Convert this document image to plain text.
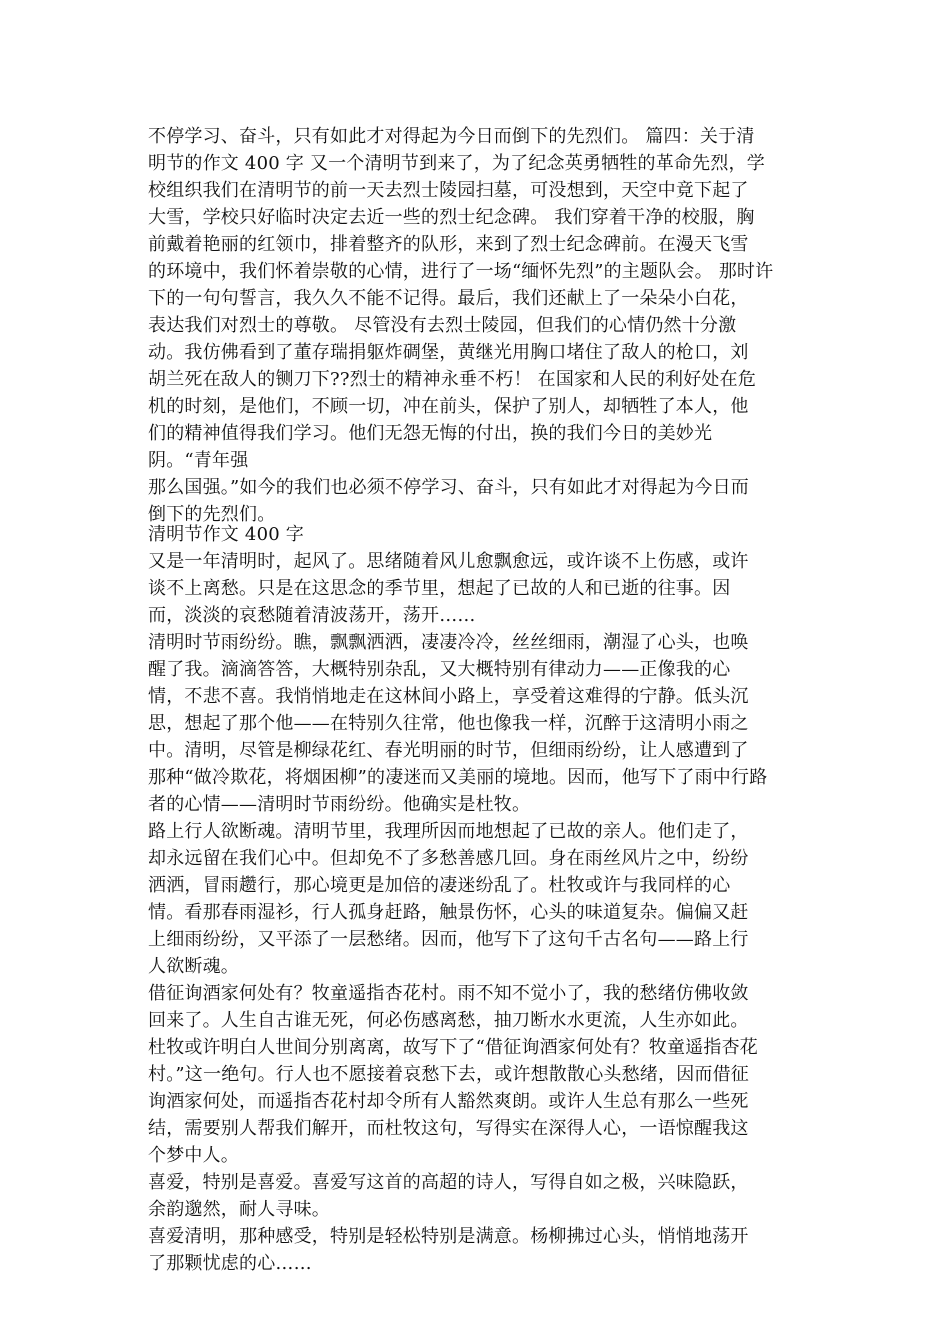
不停学习、奋斗，只有如此才对得起为今日而倒下的先烈们。 篇四：关于清
明节的作文 400 字 又一个清明节到来了，为了纪念英勇牺牲的革命先烈，学
校组织我们在清明节的前一天去烈士陵园扫墓，可没想到，天空中竟下起了
大雪，学校只好临时决定去近一些的烈士纪念碑。 我们穿着干净的校服，胸
前戴着艳丽的红领巾，排着整齐的队形，来到了烈士纪念碑前。在漫天飞雪
的环境中，我们怀着崇敬的心情，进行了一场“缅怀先烈”的主题队会。 那时许
下的一句句誓言，我久久不能不记得。最后，我们还献上了一朵朵小白花，
表达我们对烈士的尊敬。 尽管没有去烈士陵园，但我们的心情仍然十分激
动。我仿佛看到了董存瑞捐躯炸碉堡，黄继光用胸口堵住了敌人的枪口，刘
胡兰死在敌人的铡刀下??烈士的精神永垂不朽！ 在国家和人民的利好处在危
机的时刻，是他们，不顾一切，冲在前头，保护了别人，却牺牲了本人，他
们的精神值得我们学习。他们无怨无悔的付出，换的我们今日的美妙光
阴。“青年强
那么国强。”如今的我们也必须不停学习、奋斗，只有如此才对得起为今日而
倒下的先烈们。
清明节作文 400 字
又是一年清明时，起风了。思绪随着风儿愈飘愈远，或许谈不上伤感，或许
谈不上离愁。只是在这思念的季节里，想起了已故的人和已逝的往事。因
而，淡淡的哀愁随着清波荡开，荡开……
清明时节雨纷纷。瞧，飘飘洒洒，凄凄冷冷，丝丝细雨，潮湿了心头，也唤
醒了我。滴滴答答，大概特别杂乱，又大概特别有律动力——正像我的心
情，不悲不喜。我悄悄地走在这林间小路上，享受着这难得的宁静。低头沉
思，想起了那个他——在特别久往常，他也像我一样，沉醉于这清明小雨之
中。清明，尽管是柳绿花红、春光明丽的时节，但细雨纷纷，让人感遭到了
那种“做冷欺花，将烟困柳”的凄迷而又美丽的境地。因而，他写下了雨中行路
者的心情——清明时节雨纷纷。他确实是杜牧。
路上行人欲断魂。清明节里，我理所因而地想起了已故的亲人。他们走了，
却永远留在我们心中。但却免不了多愁善感几回。身在雨丝风片之中，纷纷
洒洒，冒雨趱行，那心境更是加倍的凄迷纷乱了。杜牧或许与我同样的心
情。看那春雨湿衫，行人孤身赶路，触景伤怀，心头的味道复杂。偏偏又赶
上细雨纷纷，又平添了一层愁绪。因而，他写下了这句千古名句——路上行
人欲断魂。
借征询酒家何处有？牧童遥指杏花村。雨不知不觉小了，我的愁绪仿佛收敛
回来了。人生自古谁无死，何必伤感离愁，抽刀断水水更流，人生亦如此。
杜牧或许明白人世间分别离离，故写下了“借征询酒家何处有？牧童遥指杏花
村。”这一绝句。行人也不愿接着哀愁下去，或许想散散心头愁绪，因而借征
询酒家何处，而遥指杏花村却令所有人豁然爽朗。或许人生总有那么一些死
结，需要别人帮我们解开，而杜牧这句，写得实在深得人心，一语惊醒我这
个梦中人。
喜爱，特别是喜爱。喜爱写这首的高超的诗人，写得自如之极，兴味隐跃，
余韵邈然，耐人寻味。
喜爱清明，那种感受，特别是轻松特别是满意。杨柳拂过心头，悄悄地荡开
了那颗忧虑的心……
